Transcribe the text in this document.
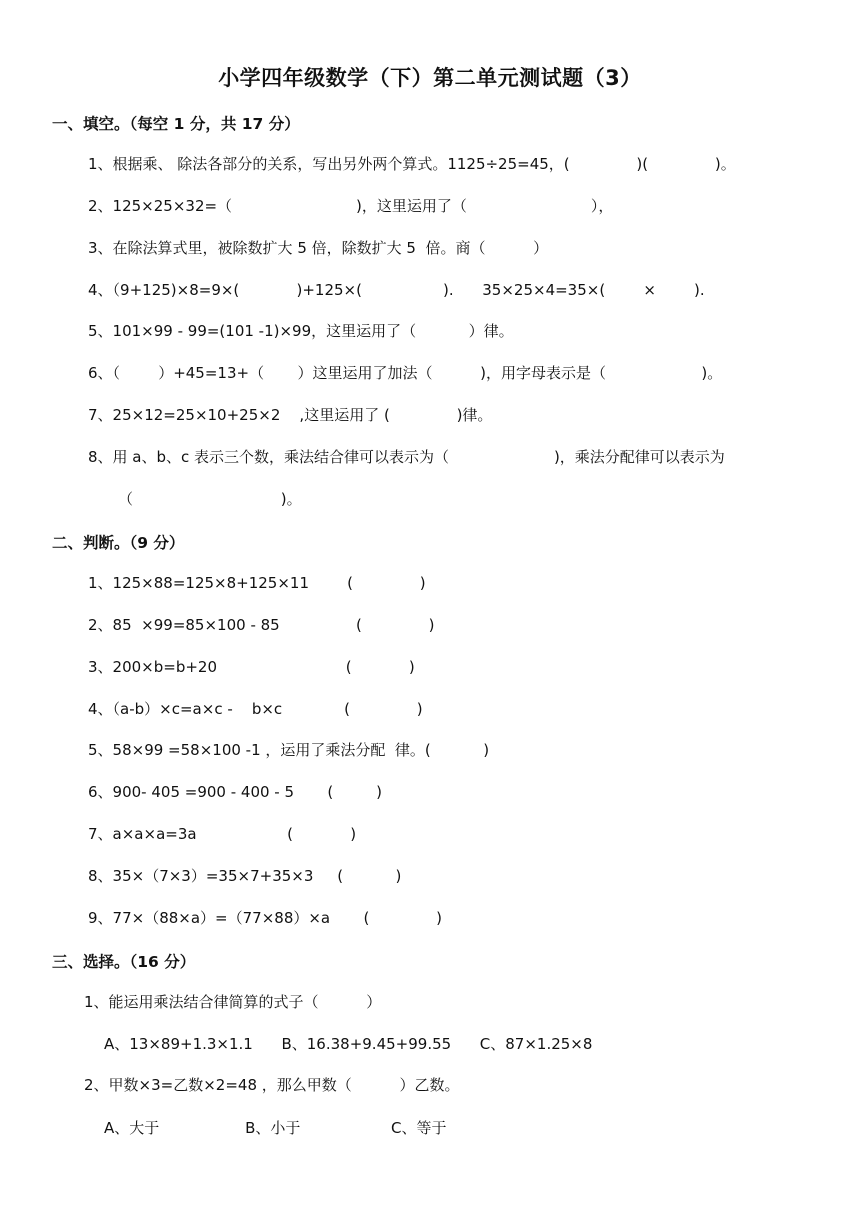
小学四年级数学（下）第二单元测试题（3）
一、填空。（每空 1 分，共 17 分）
1、根据乘、 除法各部分的关系，写出另外两个算式。1125÷25=45，(              )(              )。
2、125×25×32=（                          )，这里运用了（                          ），
3、在除法算式里，被除数扩大 5 倍，除数扩大 5  倍。商（          ）
4、（9+125)×8=9×(            )+125×(                 ).      35×25×4=35×(        ×        ).
5、101×99 - 99=(101 -1)×99，这里运用了（           ）律。
6、（        ）+45=13+（       ）这里运用了加法（          )，用字母表示是（                    )。
7、25×12=25×10+25×2    ,这里运用了 (              )律。
8、用 a、b、c 表示三个数，乘法结合律可以表示为（                      )，乘法分配律可以表示为
（                               )。
二、判断。（9 分）
1、125×88=125×8+125×11        (              )
2、85  ×99=85×100 - 85                (              )
3、200×b=b+20                           (            )
4、（a-b）×c=a×c -    b×c             (              )
5、58×99 =58×100 -1 ，运用了乘法分配  律。(           )
6、900- 405 =900 - 400 - 5       (         )
7、a×a×a=3a                   (            )
8、35×（7×3）=35×7+35×3     (           )
9、77×（88×a）=（77×88）×a       (              )
三、选择。（16 分）
1、能运用乘法结合律简算的式子（          ）
A、13×89+1.3×1.1      B、16.38+9.45+99.55      C、87×1.25×8
2、甲数×3=乙数×2=48 ，那么甲数（          ）乙数。
A、大于                  B、小于                   C、等于
